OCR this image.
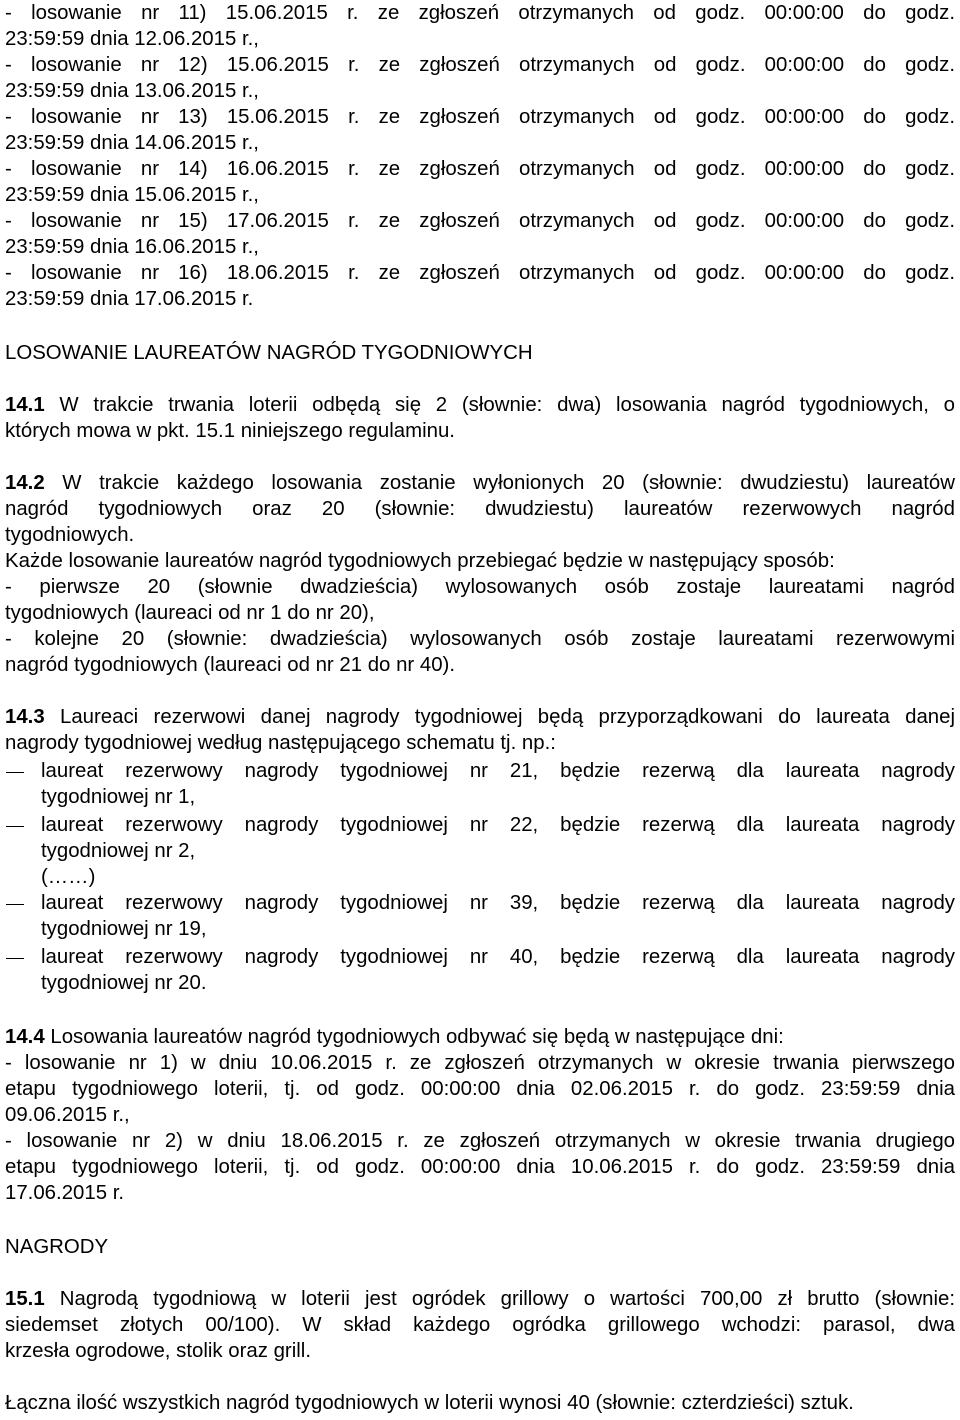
- losowanie nr 11) 15.06.2015 r. ze zgłoszeń otrzymanych od godz. 00:00:00 do godz.
23:59:59 dnia 12.06.2015 r.,
- losowanie nr 12) 15.06.2015 r. ze zgłoszeń otrzymanych od godz. 00:00:00 do godz.
23:59:59 dnia 13.06.2015 r.,
- losowanie nr 13) 15.06.2015 r. ze zgłoszeń otrzymanych od godz. 00:00:00 do godz.
23:59:59 dnia 14.06.2015 r.,
- losowanie nr 14) 16.06.2015 r. ze zgłoszeń otrzymanych od godz. 00:00:00 do godz.
23:59:59 dnia 15.06.2015 r.,
- losowanie nr 15) 17.06.2015 r. ze zgłoszeń otrzymanych od godz. 00:00:00 do godz.
23:59:59 dnia 16.06.2015 r.,
- losowanie nr 16) 18.06.2015 r. ze zgłoszeń otrzymanych od godz. 00:00:00 do godz.
23:59:59 dnia 17.06.2015 r.
LOSOWANIE LAUREATÓW NAGRÓD TYGODNIOWYCH
14.1 W trakcie trwania loterii odbędą się 2 (słownie: dwa) losowania nagród tygodniowych, o
których mowa w pkt. 15.1 niniejszego regulaminu.
14.2 W trakcie każdego losowania zostanie wyłonionych 20 (słownie: dwudziestu) laureatów
nagród tygodniowych oraz 20 (słownie: dwudziestu) laureatów rezerwowych nagród
tygodniowych.
Każde losowanie laureatów nagród tygodniowych przebiegać będzie w następujący sposób:
- pierwsze 20 (słownie dwadzieścia) wylosowanych osób zostaje laureatami nagród
tygodniowych (laureaci od nr 1 do nr 20),
- kolejne 20 (słownie: dwadzieścia) wylosowanych osób zostaje laureatami rezerwowymi
nagród tygodniowych (laureaci od nr 21 do nr 40).
14.3 Laureaci rezerwowi danej nagrody tygodniowej będą przyporządkowani do laureata danej
nagrody tygodniowej według następującego schematu tj. np.:
laureat rezerwowy nagrody tygodniowej nr 21, będzie rezerwą dla laureata nagrody
tygodniowej nr 1,
laureat rezerwowy nagrody tygodniowej nr 22, będzie rezerwą dla laureata nagrody
tygodniowej nr 2,
(……)
laureat rezerwowy nagrody tygodniowej nr 39, będzie rezerwą dla laureata nagrody
tygodniowej nr 19,
laureat rezerwowy nagrody tygodniowej nr 40, będzie rezerwą dla laureata nagrody
tygodniowej nr 20.
14.4 Losowania laureatów nagród tygodniowych odbywać się będą w następujące dni:
- losowanie nr 1) w dniu 10.06.2015 r. ze zgłoszeń otrzymanych w okresie trwania pierwszego
etapu tygodniowego loterii, tj. od godz. 00:00:00 dnia 02.06.2015 r. do godz. 23:59:59 dnia
09.06.2015 r.,
- losowanie nr 2) w dniu 18.06.2015 r. ze zgłoszeń otrzymanych w okresie trwania drugiego
etapu tygodniowego loterii, tj. od godz. 00:00:00 dnia 10.06.2015 r. do godz. 23:59:59 dnia
17.06.2015 r.
NAGRODY
15.1 Nagrodą tygodniową w loterii jest ogródek grillowy o wartości 700,00 zł brutto (słownie:
siedemset złotych 00/100). W skład każdego ogródka grillowego wchodzi: parasol, dwa
krzesła ogrodowe, stolik oraz grill.
Łączna ilość wszystkich nagród tygodniowych w loterii wynosi 40 (słownie: czterdzieści) sztuk.
